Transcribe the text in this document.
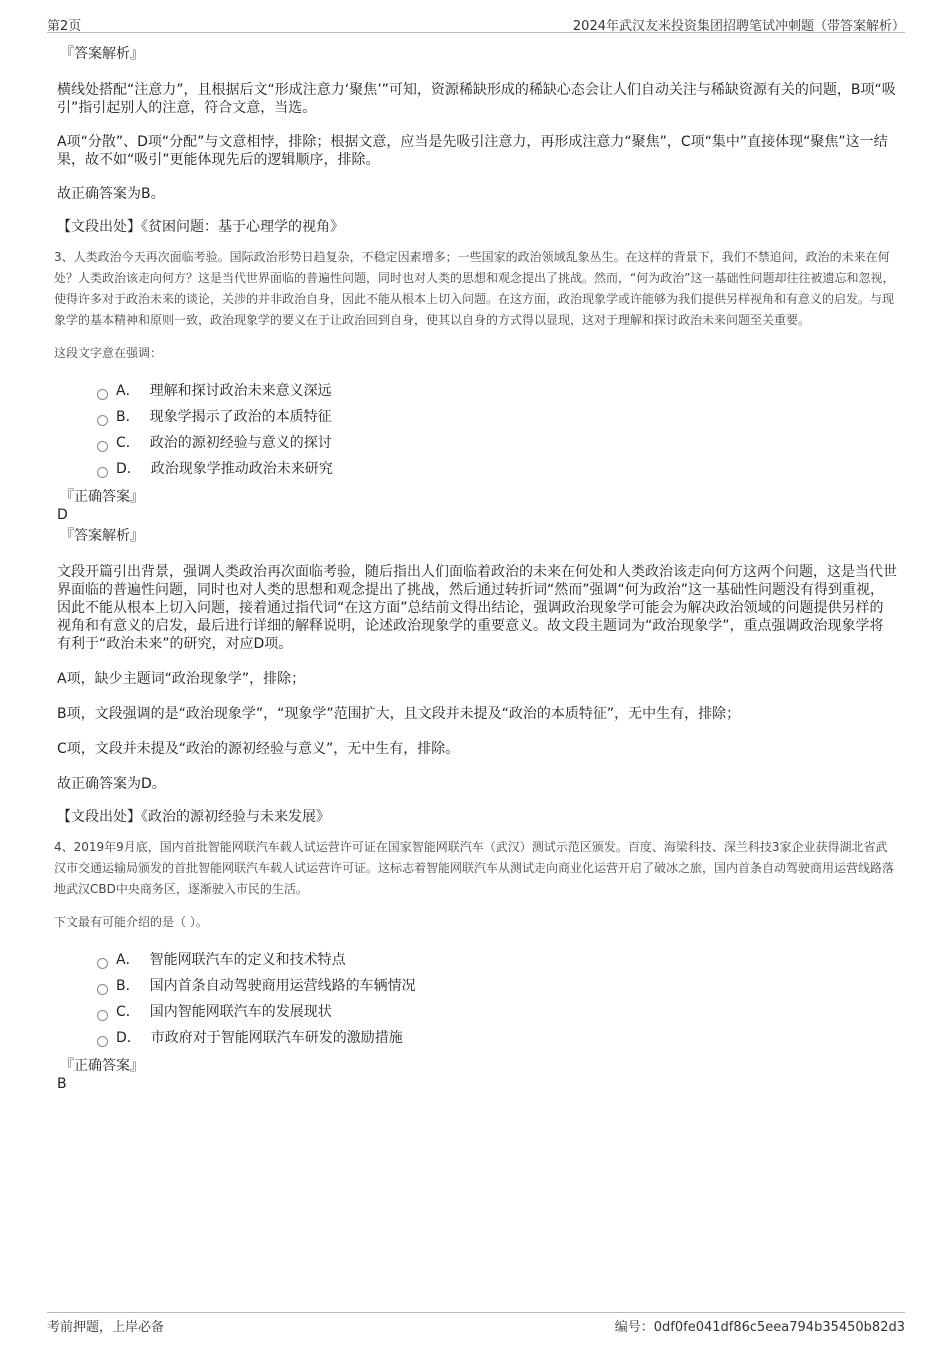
第2页	2024年武汉友米投资集团招聘笔试冲刺题（带答案解析）
『答案解析』

横线处搭配“注意力”，且根据后文“形成注意力‘聚焦’”可知，资源稀缺形成的稀缺心态会让人们自动关注与稀缺资源有关的问题，B项“吸引”指引起别人的注意，符合文意，当选。

A项“分散”、D项“分配”与文意相悖，排除；根据文意，应当是先吸引注意力，再形成注意力“聚焦”，C项“集中”直接体现“聚焦”这一结果，故不如“吸引”更能体现先后的逻辑顺序，排除。

故正确答案为B。

【文段出处】《贫困问题：基于心理学的视角》

3、人类政治今天再次面临考验。国际政治形势日趋复杂，不稳定因素增多；一些国家的政治领域乱象丛生。在这样的背景下，我们不禁追问，政治的未来在何处？人类政治该走向何方？这是当代世界面临的普遍性问题，同时也对人类的思想和观念提出了挑战。然而，“何为政治”这一基础性问题却往往被遗忘和忽视，使得许多对于政治未来的谈论，关涉的并非政治自身，因此不能从根本上切入问题。在这方面，政治现象学或许能够为我们提供另样视角和有意义的启发。与现象学的基本精神和原则一致，政治现象学的要义在于让政治回到自身，使其以自身的方式得以显现，这对于理解和探讨政治未来问题至关重要。

这段文字意在强调：

A． 理解和探讨政治未来意义深远
B． 现象学揭示了政治的本质特征
C． 政治的源初经验与意义的探讨
D． 政治现象学推动政治未来研究
『正确答案』
D
『答案解析』

文段开篇引出背景，强调人类政治再次面临考验，随后指出人们面临着政治的未来在何处和人类政治该走向何方这两个问题，这是当代世界面临的普遍性问题，同时也对人类的思想和观念提出了挑战，然后通过转折词“然而”强调“何为政治”这一基础性问题没有得到重视，因此不能从根本上切入问题，接着通过指代词“在这方面”总结前文得出结论，强调政治现象学可能会为解决政治领域的问题提供另样的视角和有意义的启发，最后进行详细的解释说明，论述政治现象学的重要意义。故文段主题词为“政治现象学”，重点强调政治现象学将有利于“政治未来”的研究，对应D项。

A项，缺少主题词“政治现象学”，排除；

B项，文段强调的是“政治现象学”，“现象学”范围扩大，且文段并未提及“政治的本质特征”，无中生有，排除；

C项，文段并未提及“政治的源初经验与意义”，无中生有，排除。

故正确答案为D。

【文段出处】《政治的源初经验与未来发展》

4、2019年9月底，国内首批智能网联汽车载人试运营许可证在国家智能网联汽车（武汉）测试示范区颁发。百度、海梁科技、深兰科技3家企业获得湖北省武汉市交通运输局颁发的首批智能网联汽车载人试运营许可证。这标志着智能网联汽车从测试走向商业化运营开启了破冰之旅，国内首条自动驾驶商用运营线路落地武汉CBD中央商务区，逐渐驶入市民的生活。

下文最有可能介绍的是（ ）。

A． 智能网联汽车的定义和技术特点
B． 国内首条自动驾驶商用运营线路的车辆情况
C． 国内智能网联汽车的发展现状
D． 市政府对于智能网联汽车研发的激励措施
『正确答案』
B
考前押题，上岸必备	编号：0df0fe041df86c5eea794b35450b82d3
